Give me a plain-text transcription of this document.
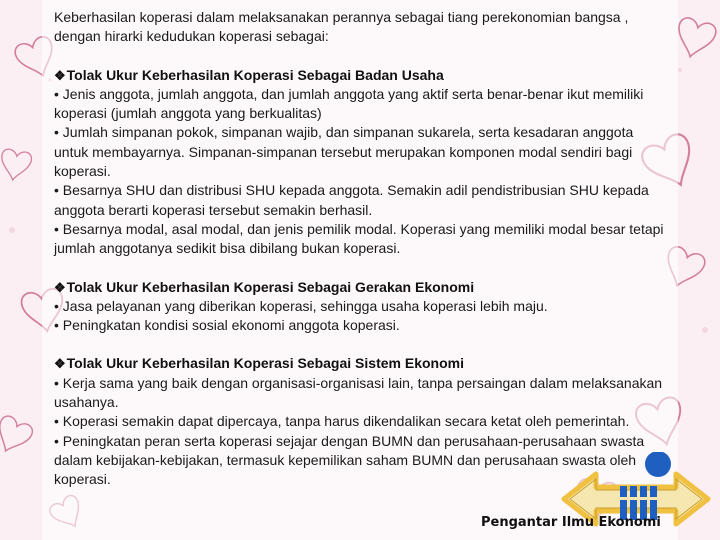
Keberhasilan koperasi dalam melaksanakan perannya sebagai tiang perekonomian bangsa , dengan hirarki kedudukan koperasi sebagai:

❖Tolak Ukur Keberhasilan Koperasi Sebagai Badan Usaha

• Jenis anggota, jumlah anggota, dan jumlah anggota yang aktif serta benar-benar ikut memiliki koperasi (jumlah anggota yang berkualitas)

• Jumlah simpanan pokok, simpanan wajib, dan simpanan sukarela, serta kesadaran anggota untuk membayarnya. Simpanan-simpanan tersebut merupakan komponen modal sendiri bagi koperasi.

• Besarnya SHU dan distribusi SHU kepada anggota. Semakin adil pendistribusian SHU kepada anggota berarti koperasi tersebut semakin berhasil.

• Besarnya modal, asal modal, dan jenis pemilik modal. Koperasi yang memiliki modal besar tetapi jumlah anggotanya sedikit bisa dibilang bukan koperasi.

❖Tolak Ukur Keberhasilan Koperasi Sebagai Gerakan Ekonomi

• Jasa pelayanan yang diberikan koperasi, sehingga usaha koperasi lebih maju.

• Peningkatan kondisi sosial ekonomi anggota koperasi.

❖Tolak Ukur Keberhasilan Koperasi Sebagai Sistem Ekonomi

• Kerja sama yang baik dengan organisasi-organisasi lain, tanpa persaingan dalam melaksanakan usahanya.

• Koperasi semakin dapat dipercaya, tanpa harus dikendalikan secara ketat oleh pemerintah.

• Peningkatan peran serta koperasi sejajar dengan BUMN dan perusahaan-perusahaan swasta dalam kebijakan-kebijakan, termasuk kepemilikan saham BUMN dan perusahaan swasta oleh koperasi.

Pengantar Ilmu Ekonomi
